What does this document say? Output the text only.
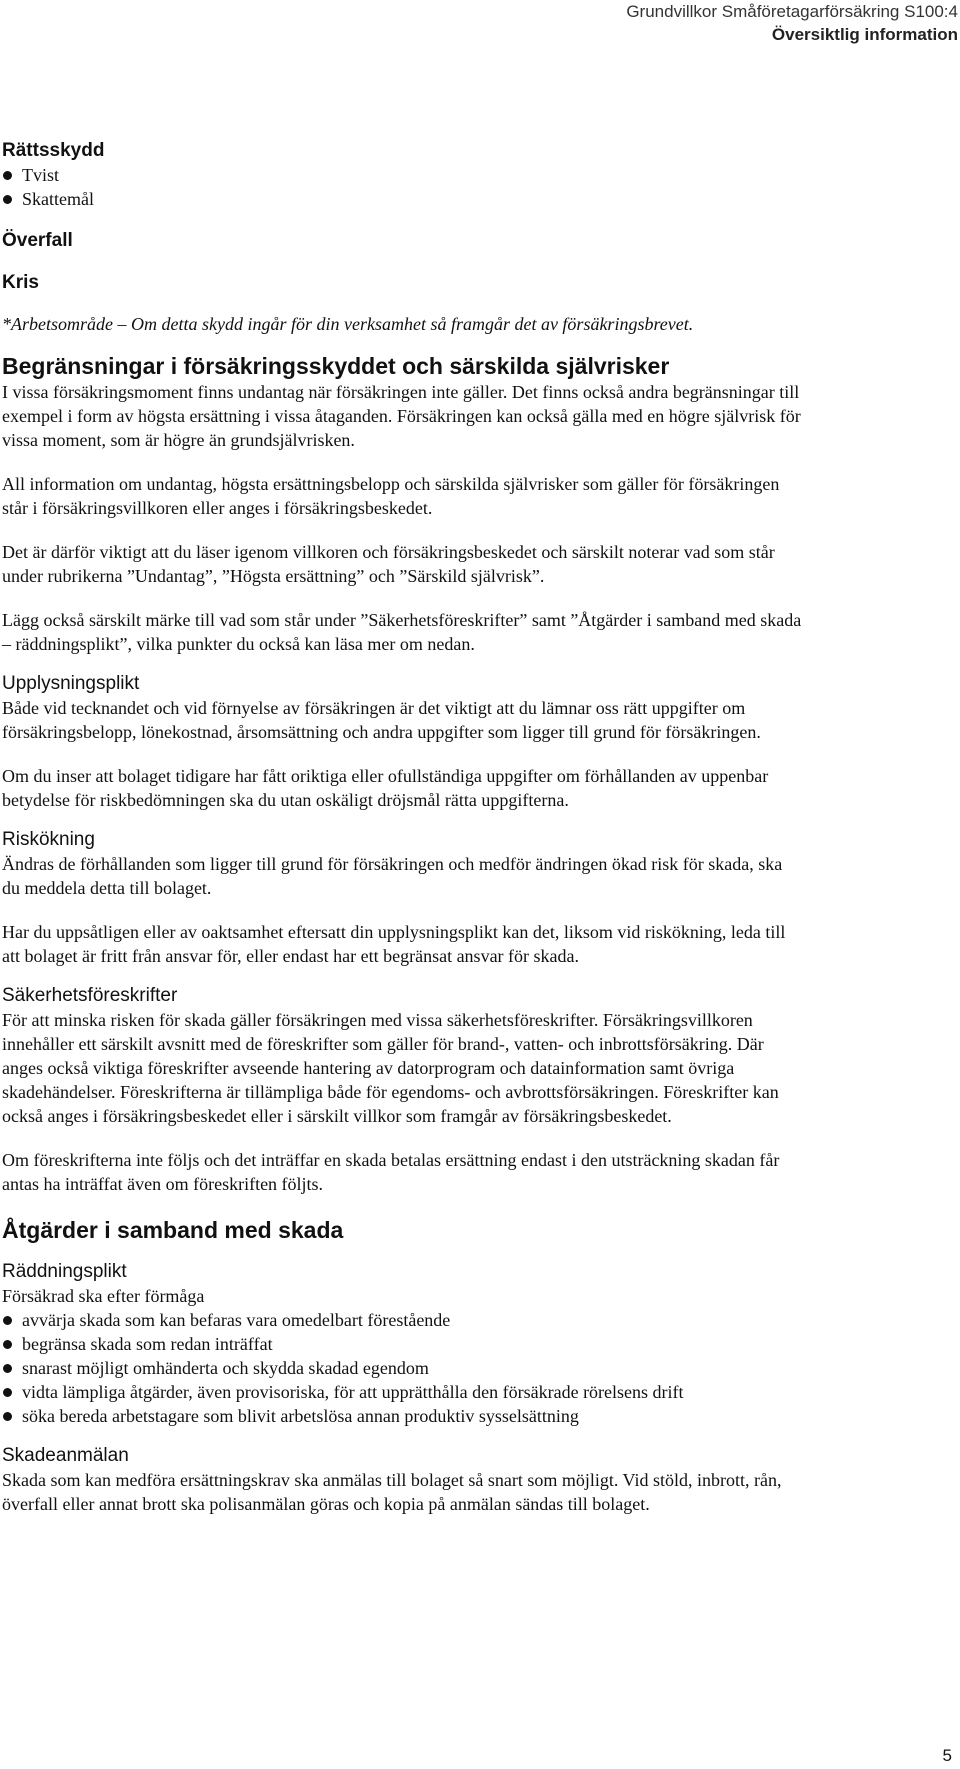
Grundvillkor Småföretagarförsäkring S100:4
Översiktlig information
Rättsskydd
Tvist
Skattemål
Överfall
Kris

*Arbetsområde – Om detta skydd ingår för din verksamhet så framgår det av försäkringsbrevet.

Begränsningar i försäkringsskyddet och särskilda självrisker

I vissa försäkringsmoment finns undantag när försäkringen inte gäller. Det finns också andra begränsningar till exempel i form av högsta ersättning i vissa åtaganden. Försäkringen kan också gälla med en högre självrisk för vissa moment, som är högre än grundsjälvrisken.

All information om undantag, högsta ersättningsbelopp och särskilda självrisker som gäller för försäkringen står i försäkringsvillkoren eller anges i försäkringsbeskedet.

Det är därför viktigt att du läser igenom villkoren och försäkringsbeskedet och särskilt noterar vad som står under rubrikerna ”Undantag”, ”Högsta ersättning” och ”Särskild självrisk”.

Lägg också särskilt märke till vad som står under ”Säkerhetsföreskrifter” samt ”Åtgärder i samband med skada – räddningsplikt”, vilka punkter du också kan läsa mer om nedan.

Upplysningsplikt

Både vid tecknandet och vid förnyelse av försäkringen är det viktigt att du lämnar oss rätt uppgifter om försäkringsbelopp, lönekostnad, årsomsättning och andra uppgifter som ligger till grund för försäkringen.

Om du inser att bolaget tidigare har fått oriktiga eller ofullständiga uppgifter om förhållanden av uppenbar betydelse för riskbedömningen ska du utan oskäligt dröjsmål rätta uppgifterna.

Riskökning

Ändras de förhållanden som ligger till grund för försäkringen och medför ändringen ökad risk för skada, ska du meddela detta till bolaget.

Har du uppsåtligen eller av oaktsamhet eftersatt din upplysningsplikt kan det, liksom vid riskökning, leda till att bolaget är fritt från ansvar för, eller endast har ett begränsat ansvar för skada.

Säkerhetsföreskrifter

För att minska risken för skada gäller försäkringen med vissa säkerhetsföreskrifter. Försäkringsvillkoren innehåller ett särskilt avsnitt med de föreskrifter som gäller för brand-, vatten- och inbrottsförsäkring. Där anges också viktiga föreskrifter avseende hantering av datorprogram och datainformation samt övriga skadehändelser. Föreskrifterna är tillämpliga både för egendoms- och avbrottsförsäkringen. Föreskrifter kan också anges i försäkringsbeskedet eller i särskilt villkor som framgår av försäkringsbeskedet.

Om föreskrifterna inte följs och det inträffar en skada betalas ersättning endast i den utsträckning skadan får antas ha inträffat även om föreskriften följts.

Åtgärder i samband med skada
Räddningsplikt

Försäkrad ska efter förmåga

avvärja skada som kan befaras vara omedelbart förestående
begränsa skada som redan inträffat
snarast möjligt omhänderta och skydda skadad egendom
vidta lämpliga åtgärder, även provisoriska, för att upprätthålla den försäkrade rörelsens drift
söka bereda arbetstagare som blivit arbetslösa annan produktiv sysselsättning
Skadeanmälan

Skada som kan medföra ersättningskrav ska anmälas till bolaget så snart som möjligt. Vid stöld, inbrott, rån, överfall eller annat brott ska polisanmälan göras och kopia på anmälan sändas till bolaget.

5
